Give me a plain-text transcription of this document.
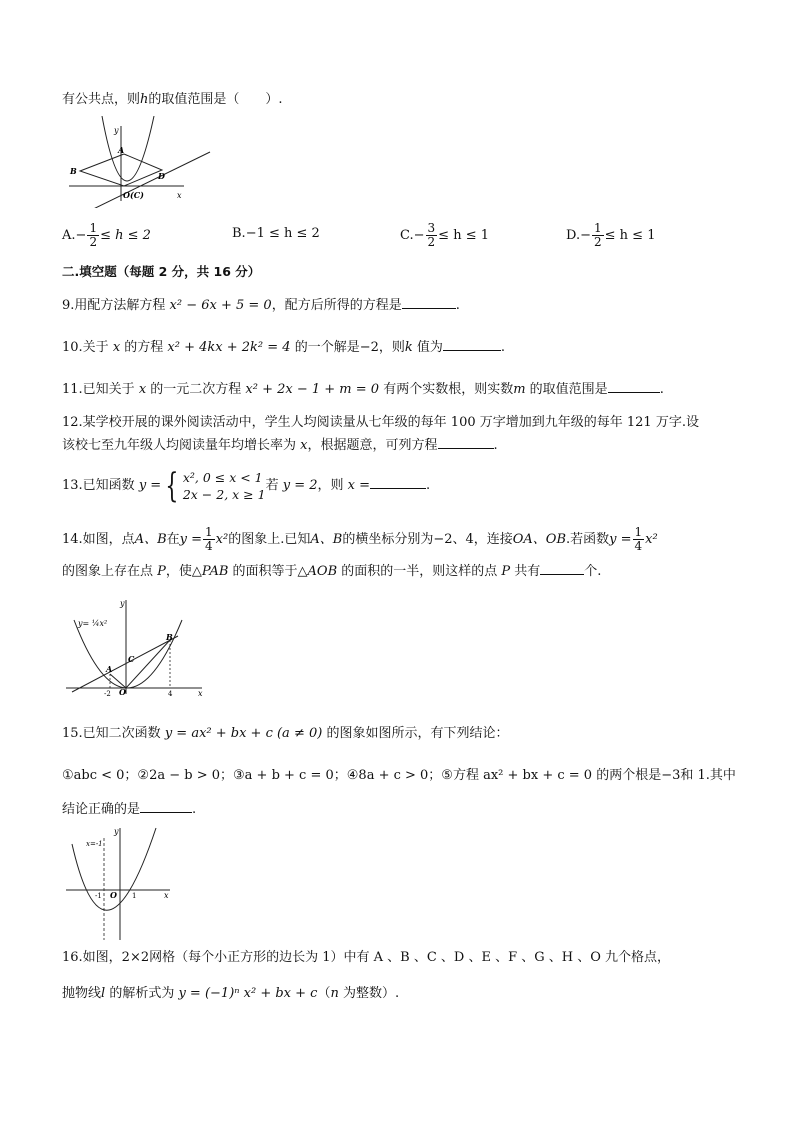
有公共点，则h的取值范围是（　　）.
y
x
A
B	D
O(C)
A. − $\frac{1}{2} \le h \le 2$	B. −1 ≤ h ≤ 2	C. − $\frac{3}{2} \le h \le 1$	D. − $\frac{1}{2} \le h \le 1$
二.填空题（每题 2 分，共 16 分）
9.用配方法解方程 x² − 6x + 5 = 0，配方后所得的方程是	.
10.关于 x 的方程 x² + 4kx + 2k² = 4 的一个解是−2，则k 值为	.
11.已知关于 x 的一元二次方程 x² + 2x − 1 + m = 0 有两个实数根，则实数m 的取值范围是	.
12.某学校开展的课外阅读活动中，学生人均阅读量从七年级的每年 100 万字增加到九年级的每年 121 万字.设
该校七至九年级人均阅读量年均增长率为 x，根据题意，可列方程	.
13.已知函数 y = { x², 0 ≤ x < 1
2x − 2, x ≥ 1
若 y = 2，则 x =	.
14.如图，点 A、B 在 $y = \frac{1}{4} x^2$ 的图象上.已知 A、B 的横坐标分别为−2、4，连接 OA、OB .若函数 $y = \frac{1}{4} x^2$
的图象上存在点 P，使△PAB 的面积等于△AOB 的面积的一半，则这样的点 P 共有	个.
y= ¼x²
y
x
A
B
C
O
-2	4
15.已知二次函数 y = ax² + bx + c (a ≠ 0) 的图象如图所示，有下列结论：
①abc < 0；②2a − b > 0；③a + b + c = 0；④8a + c > 0；⑤方程 ax² + bx + c = 0 的两个根是−3和 1.其中
结论正确的是	.
x=-1
y
x
-1 O 1
16.如图，2×2网格（每个小正方形的边长为 1）中有 A 、B 、C 、D 、E 、F 、G 、H 、O 九个格点，
抛物线l 的解析式为 y = (−1)ⁿ x² + bx + c（n 为整数）.
